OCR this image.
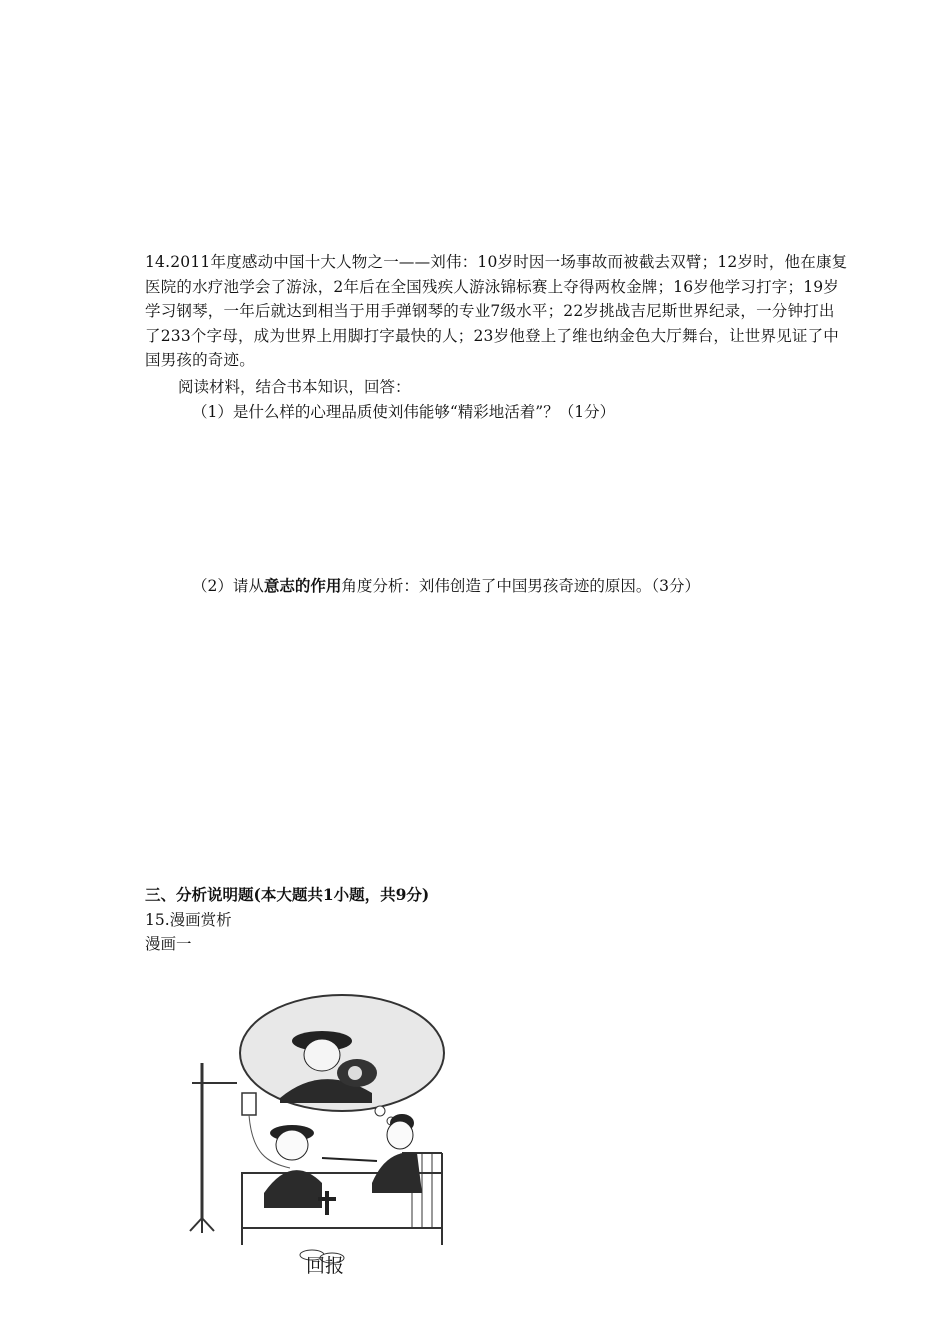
14.2011年度感动中国十大人物之一——刘伟：10岁时因一场事故而被截去双臂；12岁时，他在康复医院的水疗池学会了游泳，2年后在全国残疾人游泳锦标赛上夺得两枚金牌；16岁他学习打字；19岁学习钢琴，一年后就达到相当于用手弹钢琴的专业7级水平；22岁挑战吉尼斯世界纪录，一分钟打出了233个字母，成为世界上用脚打字最快的人；23岁他登上了维也纳金色大厅舞台，让世界见证了中国男孩的奇迹。
阅读材料，结合书本知识，回答：
（1）是什么样的心理品质使刘伟能够“精彩地活着”？（1分）
（2）请从意志的作用角度分析：刘伟创造了中国男孩奇迹的原因。（3分）
三、分析说明题(本大题共1小题，共9分)
15.漫画赏析
漫画一
回报
